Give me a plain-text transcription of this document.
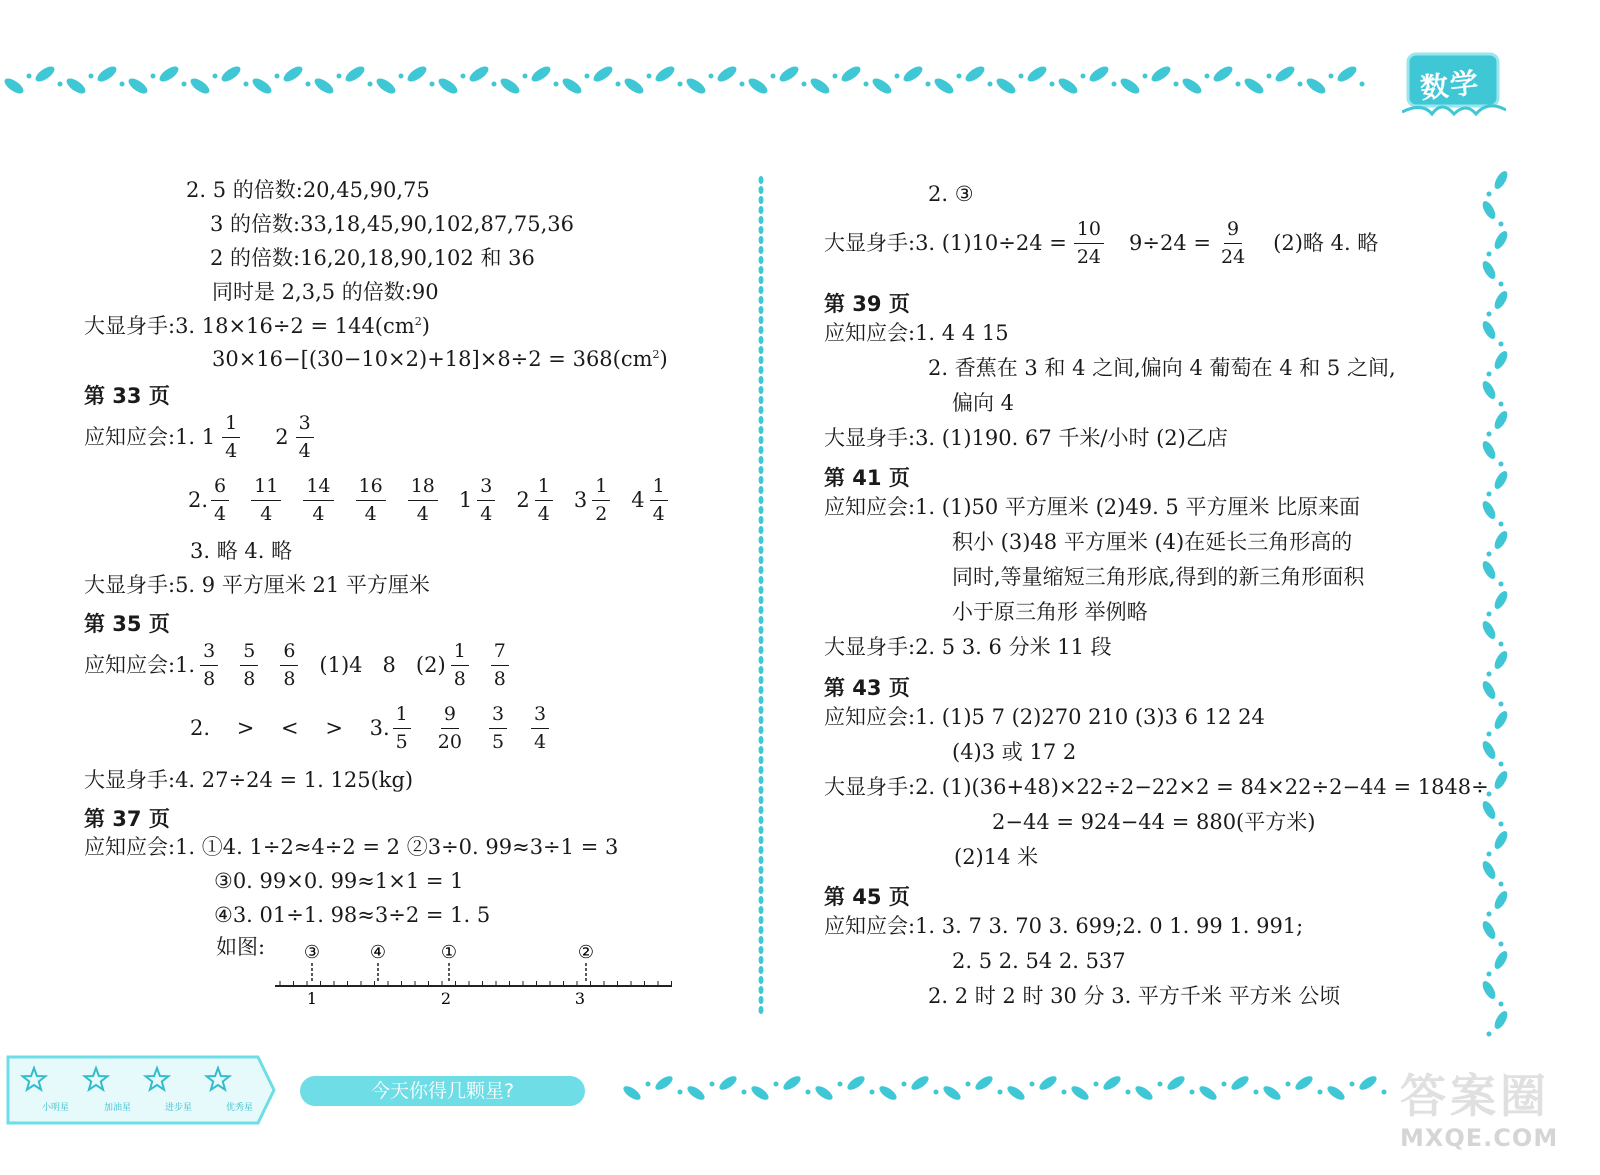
数学
2. 5 的倍数:20,45,90,75
3 的倍数:33,18,45,90,102,87,75,36
2 的倍数:16,20,18,90,102 和 36
同时是 2,3,5 的倍数:90
大显身手:3. $18\times 16\div 2 = 144(cm^2)$
$30\times 16-[(30-10\times 2)+18]\times 8\div 2 = 368(cm^2)$
第 33 页
应知应会:1. $1 \frac{1}{4} 2 \frac{3}{4}$
2. $\frac{6}{4} \frac{11}{4} \frac{14}{4} \frac{16}{4} \frac{18}{4} 1 \frac{3}{4} 2 \frac{1}{4} 3 \frac{1}{2} 4 \frac{1}{4}$
3. 略 4. 略
大显身手:5. 9 平方厘米 21 平方厘米
第 35 页
应知应会:1. $\frac{3}{8} \frac{5}{8} \frac{6}{8} (1)4$   8   $(2) \frac{1}{8} \frac{7}{8}$
2.    >    <    >    3. $\frac{1}{5} \frac{9}{20} \frac{3}{5} \frac{3}{4}$
大显身手:4. 27÷24 = 1. 125(kg)
第 37 页
应知应会:1. ①4. 1÷2≈4÷2 = 2 ②3÷0. 99≈3÷1 = 3
③0. 99×0. 99≈1×1 = 1
④3. 01÷1. 98≈3÷2 = 1. 5
如图:
1	2	3
③	④	①	②
2. ③
大显身手:3. $(1)10\div 24 = \frac{10}{24} 9\div 24 = \frac{9}{24} (2)$略 4. 略
第 39 页
应知应会:1. 4 4 15
2. 香蕉在 3 和 4 之间,偏向 4 葡萄在 4 和 5 之间,
偏向 4
大显身手:3. (1)190. 67 千米/小时 (2)乙店
第 41 页
应知应会:1. (1)50 平方厘米 (2)49. 5 平方厘米 比原来面
积小 (3)48 平方厘米 (4)在延长三角形高的
同时,等量缩短三角形底,得到的新三角形面积
小于原三角形 举例略
大显身手:2. 5 3. 6 分米 11 段
第 43 页
应知应会:1. (1)5 7 (2)270 210 (3)3 6 12 24
(4)3 或 17 2
大显身手:2. (1)(36+48)×22÷2−22×2 = 84×22÷2−44 = 1848÷
2−44 = 924−44 = 880(平方米)
(2)14 米
第 45 页
应知应会:1. 3. 7 3. 70 3. 699;2. 0 1. 99 1. 991;
2. 5 2. 54 2. 537
2. 2 时 2 时 30 分 3. 平方千米 平方米 公顷
小明星	加油星	进步星	优秀星
今天你得几颗星?	答案圈
MXQE.COM
